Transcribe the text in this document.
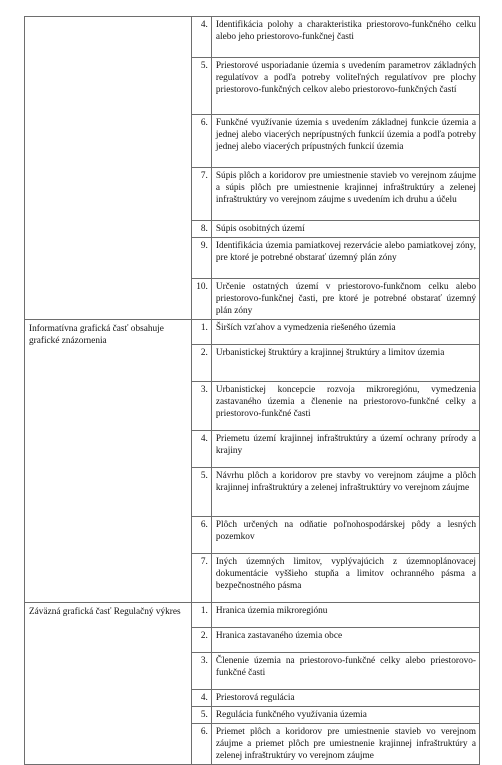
	4.	Identifikácia polohy a charakteristika priestorovo-funkčného celku alebo jeho priestorovo-funkčnej časti
	5.	Priestorové usporiadanie územia s uvedením parametrov základných regulatívov a podľa potreby voliteľných regulatívov pre plochy priestorovo-funkčných celkov alebo priestorovo-funkčných častí
	6.	Funkčné využívanie územia s uvedením základnej funkcie územia a jednej alebo viacerých neprípustných funkcií územia a podľa potreby jednej alebo viacerých prípustných funkcií územia
	7.	Súpis plôch a koridorov pre umiestnenie stavieb vo verejnom záujme a súpis plôch pre umiestnenie krajinnej infraštruktúry a zelenej infraštruktúry vo verejnom záujme s uvedením ich druhu a účelu
	8.	Súpis osobitných území
	9.	Identifikácia územia pamiatkovej rezervácie alebo pamiatkovej zóny, pre ktoré je potrebné obstarať územný plán zóny
	10.	Určenie ostatných území v priestorovo-funkčnom celku alebo priestorovo-funkčnej časti, pre ktoré je potrebné obstarať územný plán zóny
Informatívna grafická časť obsahuje grafické znázornenia	1.	Širších vzťahov a vymedzenia riešeného územia
	2.	Urbanistickej štruktúry a krajinnej štruktúry a limitov územia
	3.	Urbanistickej koncepcie rozvoja mikroregiónu, vymedzenia zastavaného územia a členenie na priestorovo-funkčné celky a priestorovo-funkčné časti
	4.	Priemetu území krajinnej infraštruktúry a území ochrany prírody a krajiny
	5.	Návrhu plôch a koridorov pre stavby vo verejnom záujme a plôch krajinnej infraštruktúry a zelenej infraštruktúry vo verejnom záujme
	6.	Plôch určených na odňatie poľnohospodárskej pôdy a lesných pozemkov
	7.	Iných územných limitov, vyplývajúcich z územnoplánovacej dokumentácie vyššieho stupňa a limitov ochranného pásma a bezpečnostného pásma
Záväzná grafická časť Regulačný výkres	1.	Hranica územia mikroregiónu
	2.	Hranica zastavaného územia obce
	3.	Členenie územia na priestorovo-funkčné celky alebo priestorovo-funkčné časti
	4.	Priestorová regulácia
	5.	Regulácia funkčného využívania územia
	6.	Priemet plôch a koridorov pre umiestnenie stavieb vo verejnom záujme a priemet plôch pre umiestnenie krajinnej infraštruktúry a zelenej infraštruktúry vo verejnom záujme
